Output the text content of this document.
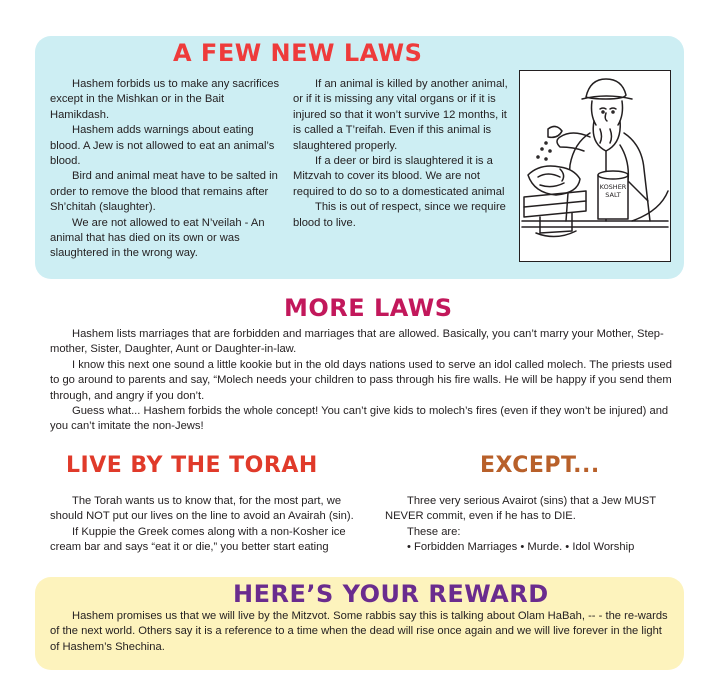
A FEW NEW LAWS

Hashem forbids us to make any sacrifices except in the Mishkan or in the Bait Hamikdash.

Hashem adds warnings about eating blood. A Jew is not allowed to eat an animal’s blood.

Bird and animal meat have to be salted in order to remove the blood that remains after Sh’chitah (slaughter).

We are not allowed to eat N’veilah - An animal that has died on its own or was slaughtered in the wrong way.

If an animal is killed by another animal, or if it is missing any vital organs or if it is injured so that it won’t survive 12 months, it is called a T’reifah. Even if this animal is slaughtered properly.

If a deer or bird is slaughtered it is a Mitzvah to cover its blood. We are not required to do so to a domesticated animal

This is out of respect, since we require blood to live.

KOSHER
SALT
MORE LAWS

Hashem lists marriages that are forbidden and marriages that are allowed. Basically, you can’t marry your Mother, Step-mother, Sister, Daughter, Aunt or Daughter-in-law.

I know this next one sound a little kookie but in the old days nations used to serve an idol called molech. The priests used to go around to parents and say, “Molech needs your children to pass through his fire walls. He will be happy if you send them through, and angry if you don’t.

Guess what... Hashem forbids the whole concept! You can’t give kids to molech’s fires (even if they won’t be injured) and you can’t imitate the non-Jews!

LIVE BY THE TORAH

The Torah wants us to know that, for the most part, we should NOT put our lives on the line to avoid an Avairah (sin).

If Kuppie the Greek comes along with a non-Kosher ice cream bar and says “eat it or die,” you better start eating

EXCEPT...

Three very serious Avairot (sins) that a Jew MUST NEVER commit, even if he has to DIE.

These are:

• Forbidden Marriages • Murde. • Idol Worship

HERE’S YOUR REWARD

Hashem promises us that we will live by the Mitzvot. Some rabbis say this is talking about Olam HaBah, -- - the re-wards of the next world. Others say it is a reference to a time when the dead will rise once again and we will live forever in the light of Hashem’s Shechina.
